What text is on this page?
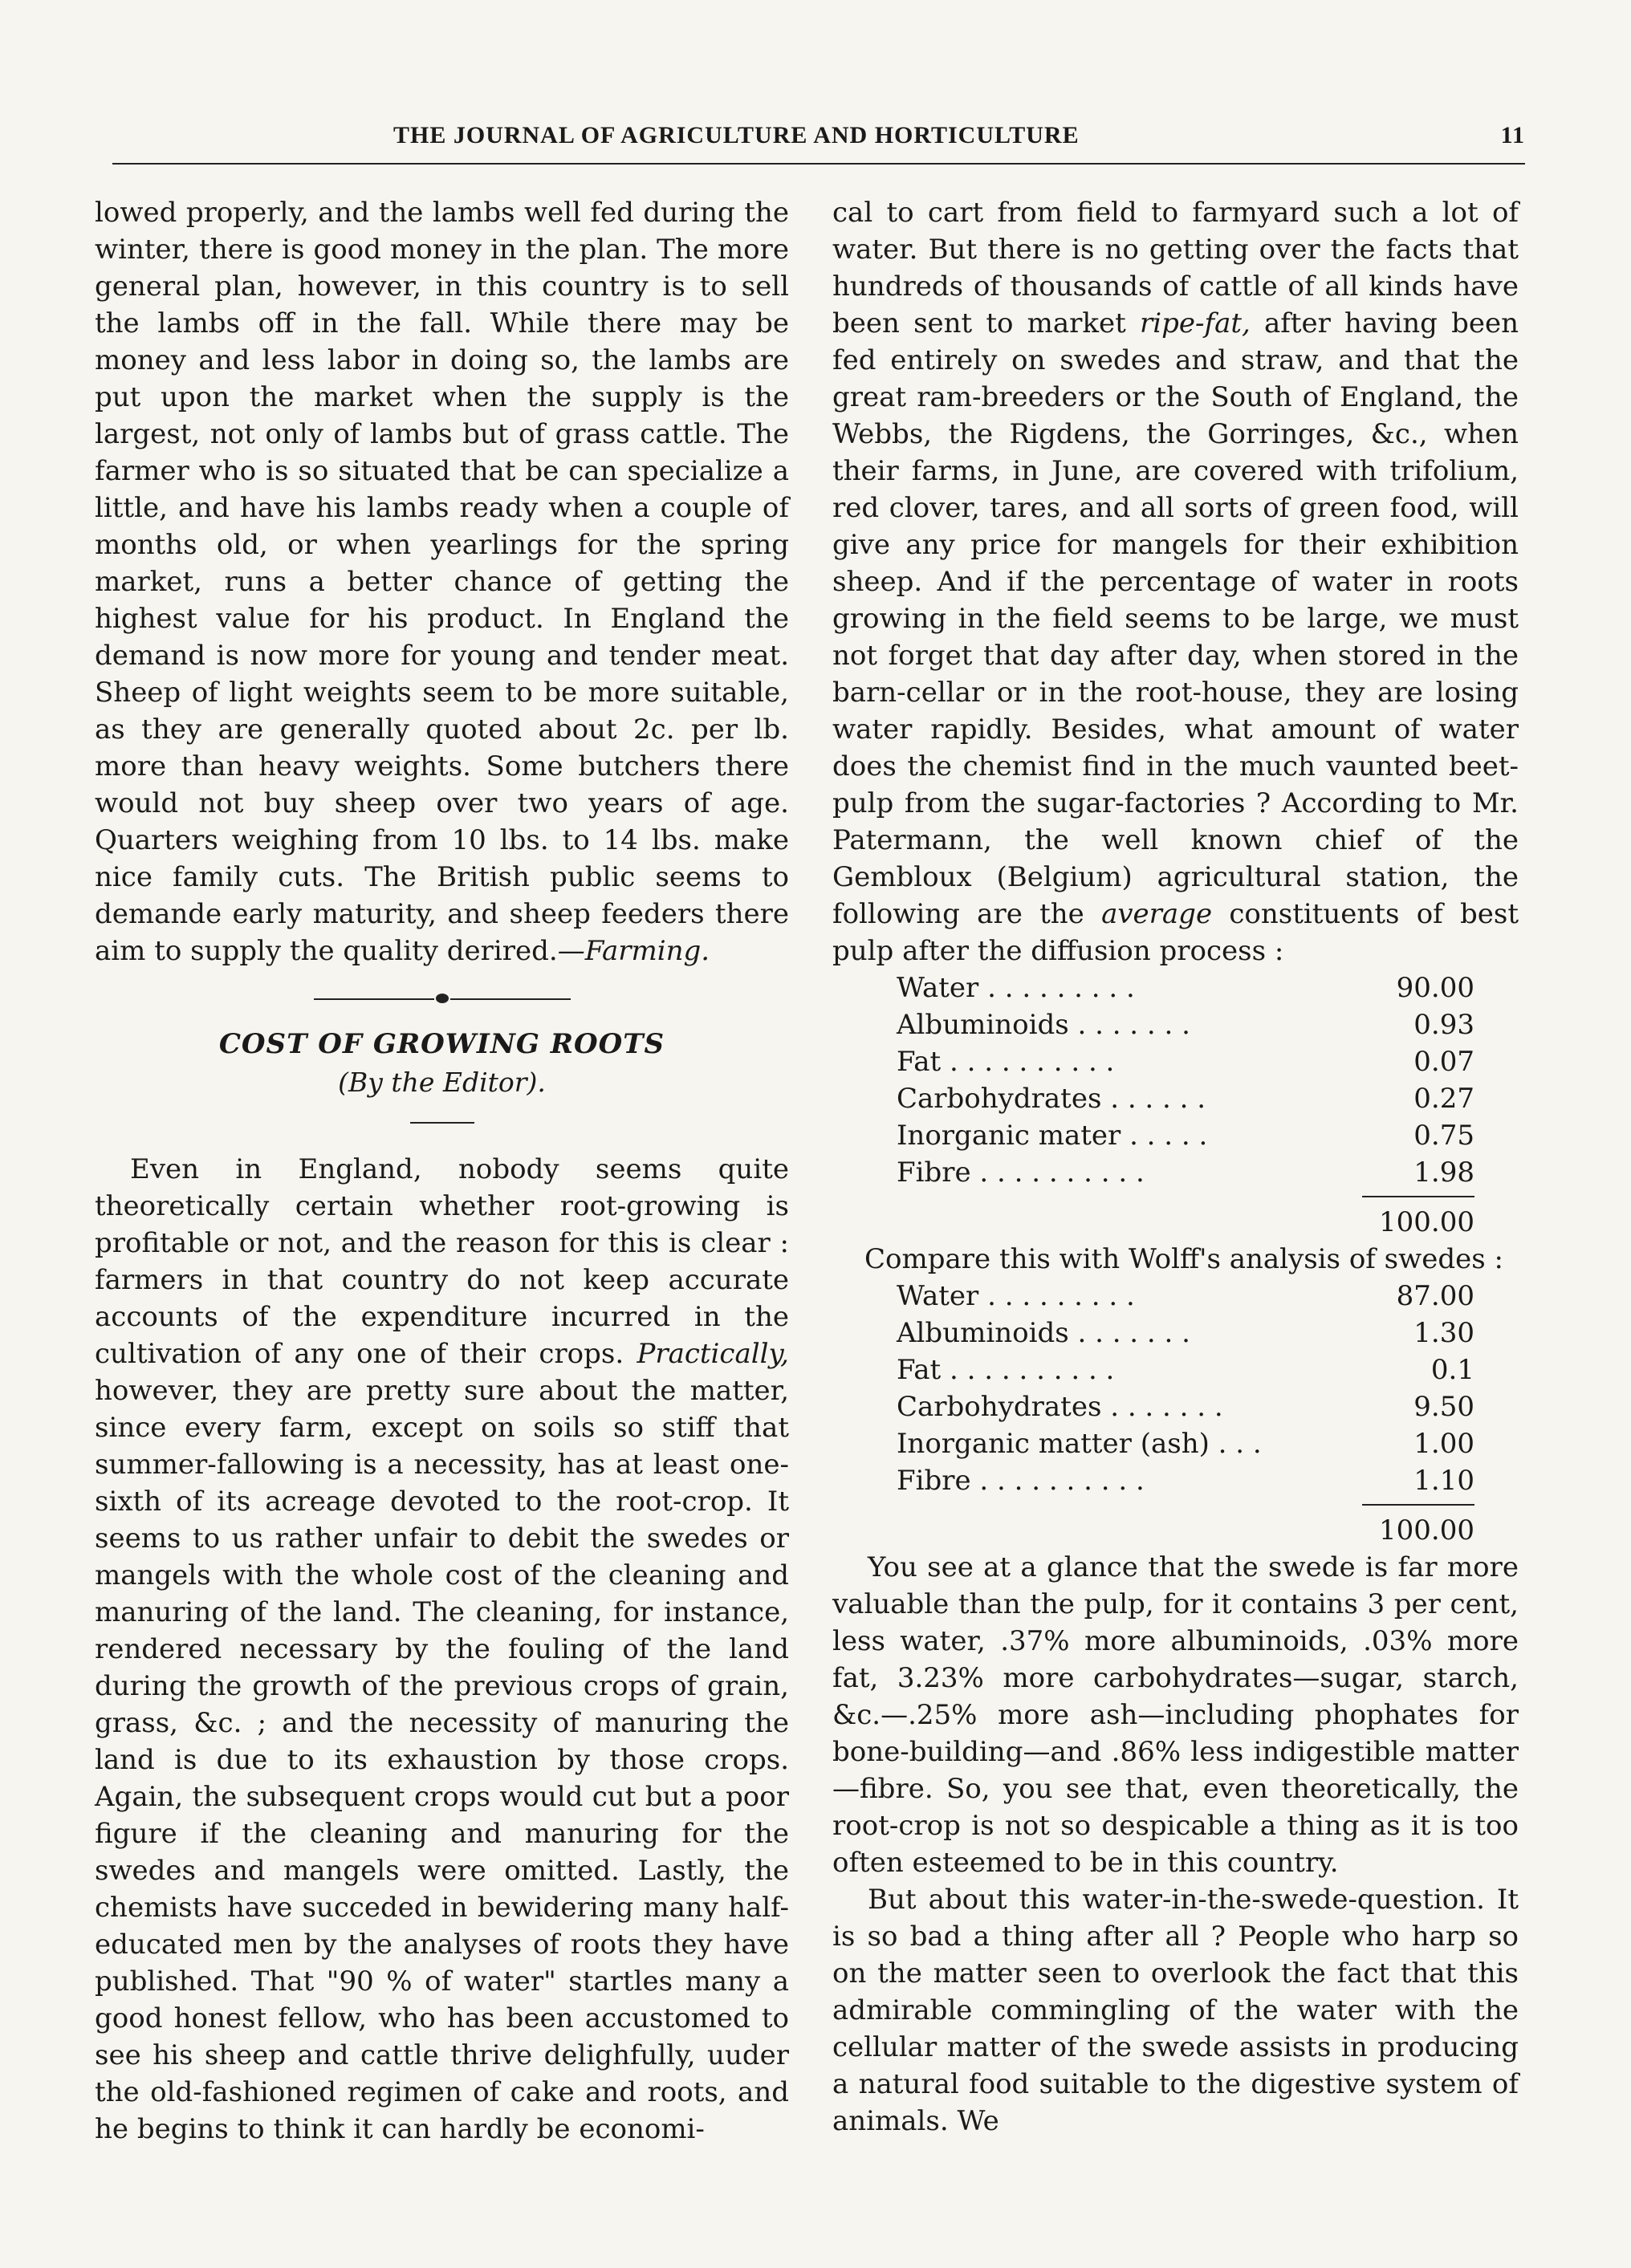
THE JOURNAL OF AGRICULTURE AND HORTICULTURE	11

lowed properly, and the lambs well fed during the winter, there is good money in the plan. The more general plan, however, in this country is to sell the lambs off in the fall. While there may be money and less labor in doing so, the lambs are put upon the market when the supply is the largest, not only of lambs but of grass cattle. The farmer who is so situated that be can specialize a little, and have his lambs ready when a couple of months old, or when yearlings for the spring market, runs a better chance of getting the highest value for his product. In England the demand is now more for young and tender meat. Sheep of light weights seem to be more suitable, as they are generally quoted about 2c. per lb. more than heavy weights. Some butchers there would not buy sheep over two years of age. Quarters weighing from 10 lbs. to 14 lbs. make nice family cuts. The British public seems to demande early maturity, and sheep feeders there aim to supply the quality derired.—Farming.

COST OF GROWING ROOTS
(By the Editor).

Even in England, nobody seems quite theoretically certain whether root-growing is profitable or not, and the reason for this is clear : farmers in that country do not keep accurate accounts of the expenditure incurred in the cultivation of any one of their crops. Practically, however, they are pretty sure about the matter, since every farm, except on soils so stiff that summer-fallowing is a necessity, has at least one-sixth of its acreage devoted to the root-crop. It seems to us rather unfair to debit the swedes or mangels with the whole cost of the cleaning and manuring of the land. The cleaning, for instance, rendered necessary by the fouling of the land during the growth of the previous crops of grain, grass, &c. ; and the necessity of manuring the land is due to its exhaustion by those crops. Again, the subsequent crops would cut but a poor figure if the cleaning and manuring for the swedes and mangels were omitted. Lastly, the chemists have succeded in bewidering many half-educated men by the analyses of roots they have published. That "90 % of water" startles many a good honest fellow, who has been accustomed to see his sheep and cattle thrive delighfully, uuder the old-fashioned regimen of cake and roots, and he begins to think it can hardly be economi-

cal to cart from field to farmyard such a lot of water. But there is no getting over the facts that hundreds of thousands of cattle of all kinds have been sent to market ripe-fat, after having been fed entirely on swedes and straw, and that the great ram-breeders or the South of England, the Webbs, the Rigdens, the Gorringes, &c., when their farms, in June, are covered with trifolium, red clover, tares, and all sorts of green food, will give any price for mangels for their exhibition sheep. And if the percentage of water in roots growing in the field seems to be large, we must not forget that day after day, when stored in the barn-cellar or in the root-house, they are losing water rapidly. Besides, what amount of water does the chemist find in the much vaunted beet-pulp from the sugar-factories ? According to Mr. Patermann, the well known chief of the Gembloux (Belgium) agricultural station, the following are the average constituents of best pulp after the diffusion process :

Water . . . . . . . . .	90.00
Albuminoids . . . . . . .	0.93
Fat . . . . . . . . . .	0.07
Carbohydrates . . . . . .	0.27
Inorganic mater . . . . .	0.75
Fibre . . . . . . . . . .	1.98
100.00

Compare this with Wolff's analysis of swedes :

Water . . . . . . . . .	87.00
Albuminoids . . . . . . .	1.30
Fat . . . . . . . . . .	0.1
Carbohydrates . . . . . . .	9.50
Inorganic matter (ash) . . .	1.00
Fibre . . . . . . . . . .	1.10
100.00

You see at a glance that the swede is far more valuable than the pulp, for it contains 3 per cent, less water, .37% more albuminoids, .03% more fat, 3.23% more carbohydrates—sugar, starch, &c.—.25% more ash—including phophates for bone-building—and .86% less indigestible matter—fibre. So, you see that, even theoretically, the root-crop is not so despicable a thing as it is too often esteemed to be in this country.

But about this water-in-the-swede-question. It is so bad a thing after all ? People who harp so on the matter seen to overlook the fact that this admirable commingling of the water with the cellular matter of the swede assists in producing a natural food suitable to the digestive system of animals. We
